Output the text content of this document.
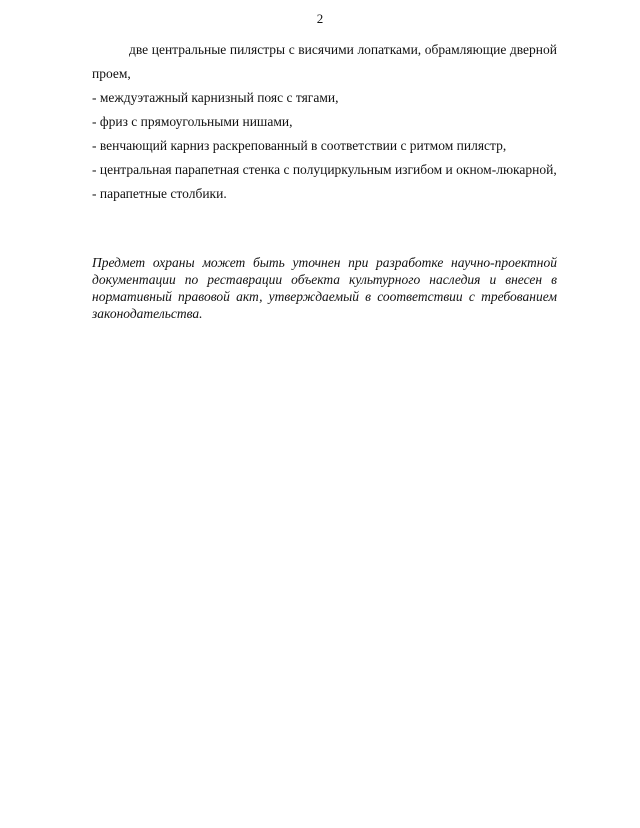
2

две центральные пилястры с висячими лопатками, обрамляющие дверной проем,

- междуэтажный карнизный пояс с тягами,

- фриз с прямоугольными нишами,

- венчающий карниз раскрепованный в соответствии с ритмом пилястр,

- центральная парапетная стенка с полуциркульным изгибом и окном-люкарной,

- парапетные столбики.

Предмет охраны может быть уточнен при разработке научно-проектной документации по реставрации объекта культурного наследия и внесен в нормативный правовой акт, утверждаемый в соответствии с требованием законодательства.
